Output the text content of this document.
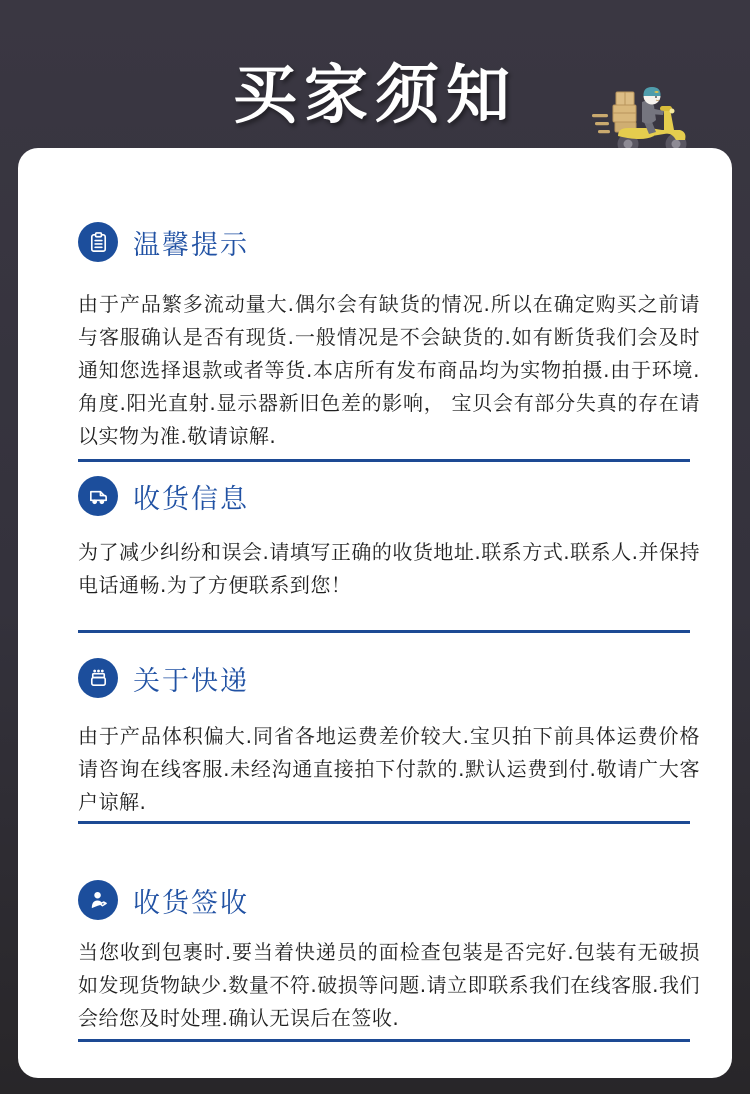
买家须知
温馨提示

由于产品繁多流动量大.偶尔会有缺货的情况.所以在确定购买之前请与客服确认是否有现货.一般情况是不会缺货的.如有断货我们会及时通知您选择退款或者等货.本店所有发布商品均为实物拍摄.由于环境.角度.阳光直射.显示器新旧色差的影响， 宝贝会有部分失真的存在请以实物为准.敬请谅解.

收货信息

为了减少纠纷和误会.请填写正确的收货地址.联系方式.联系人.并保持电话通畅.为了方便联系到您！

关于快递

由于产品体积偏大.同省各地运费差价较大.宝贝拍下前具体运费价格请咨询在线客服.未经沟通直接拍下付款的.默认运费到付.敬请广大客户谅解.

收货签收

当您收到包裹时.要当着快递员的面检查包装是否完好.包装有无破损如发现货物缺少.数量不符.破损等问题.请立即联系我们在线客服.我们会给您及时处理.确认无误后在签收.
